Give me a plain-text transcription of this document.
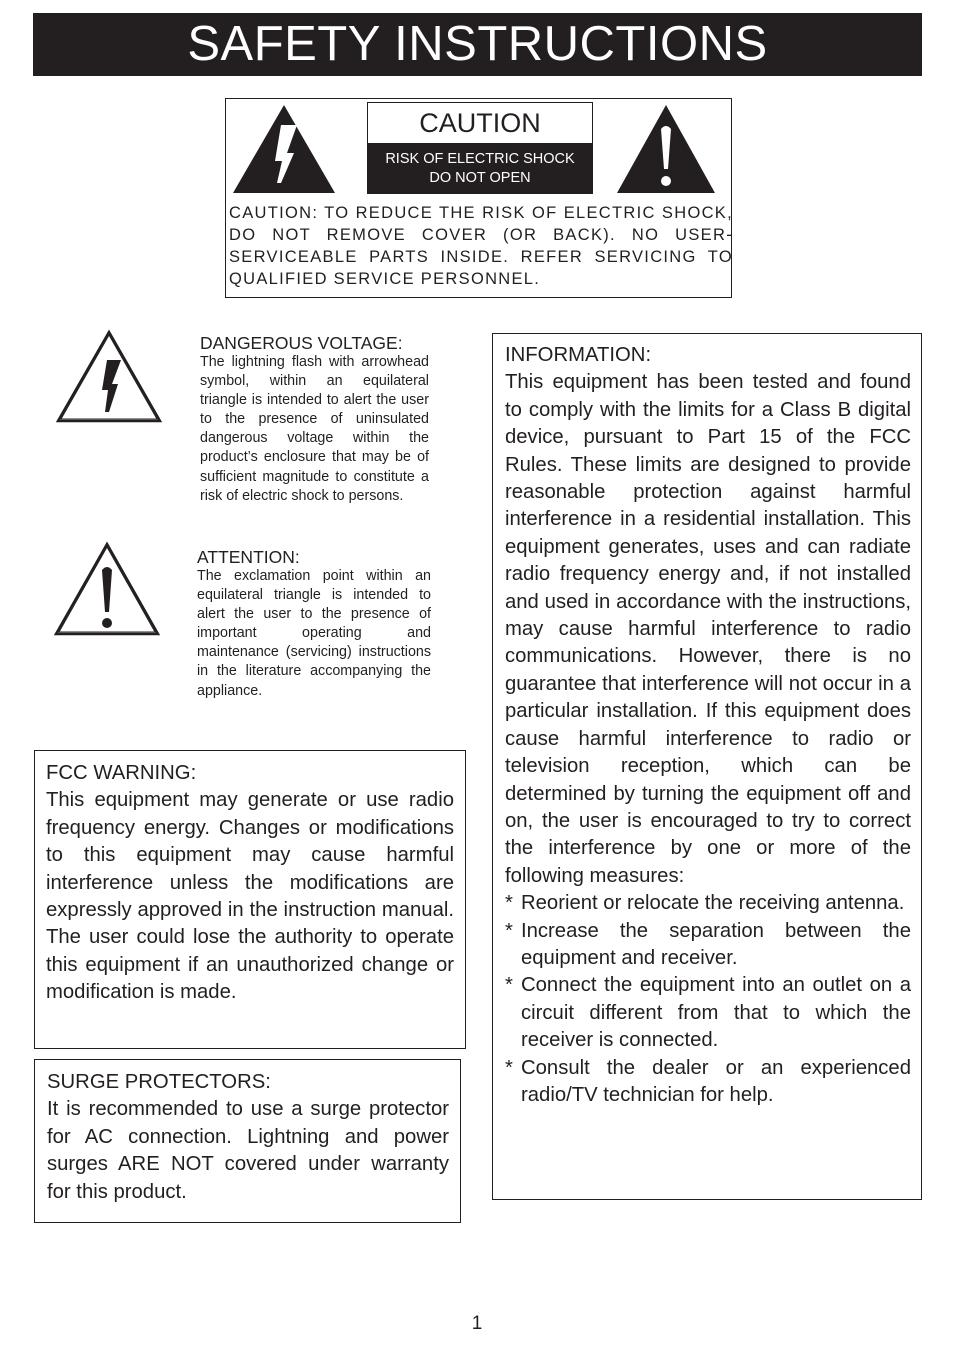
SAFETY INSTRUCTIONS
CAUTION
RISK OF ELECTRIC SHOCK
DO NOT OPEN
CAUTION: TO REDUCE THE RISK OF ELECTRIC SHOCK, DO NOT REMOVE COVER (OR BACK). NO USER-SERVICEABLE PARTS INSIDE. REFER SERVICING TO QUALIFIED SERVICE PERSONNEL.
DANGEROUS VOLTAGE:
The lightning flash with arrowhead symbol, within an equilateral triangle is intended to alert the user to the presence of uninsulated dangerous voltage within the product’s enclosure that may be of sufficient magnitude to constitute a risk of electric shock to persons.
ATTENTION:
The exclamation point within an equilateral triangle is intended to alert the user to the presence of important operating and maintenance (servicing) instructions in the literature accompanying the appliance.
FCC WARNING:
This equipment may generate or use radio frequency energy. Changes or modifications to this equipment may cause harmful interference unless the modifications are expressly approved in the instruction manual. The user could lose the authority to operate this equipment if an unauthorized change or modification is made.
SURGE PROTECTORS:
It is recommended to use a surge protector for AC connection. Lightning and power surges ARE NOT covered under warranty for this product.
INFORMATION:
This equipment has been tested and found to comply with the limits for a Class B digital device, pursuant to Part 15 of the FCC Rules. These limits are designed to provide reasonable protection against harmful interference in a residential installation. This equipment generates, uses and can radiate radio frequency energy and, if not installed and used in accordance with the instructions, may cause harmful interference to radio communications. However, there is no guarantee that interference will not occur in a particular installation. If this equipment does cause harmful interference to radio or television reception, which can be determined by turning the equipment off and on, the user is encouraged to try to correct the interference by one or more of the following measures:
* Reorient or relocate the receiving antenna.
* Increase the separation between the equipment and receiver.
* Connect the equipment into an outlet on a circuit different from that to which the receiver is connected.
* Consult the dealer or an experienced radio/TV technician for help.
1
